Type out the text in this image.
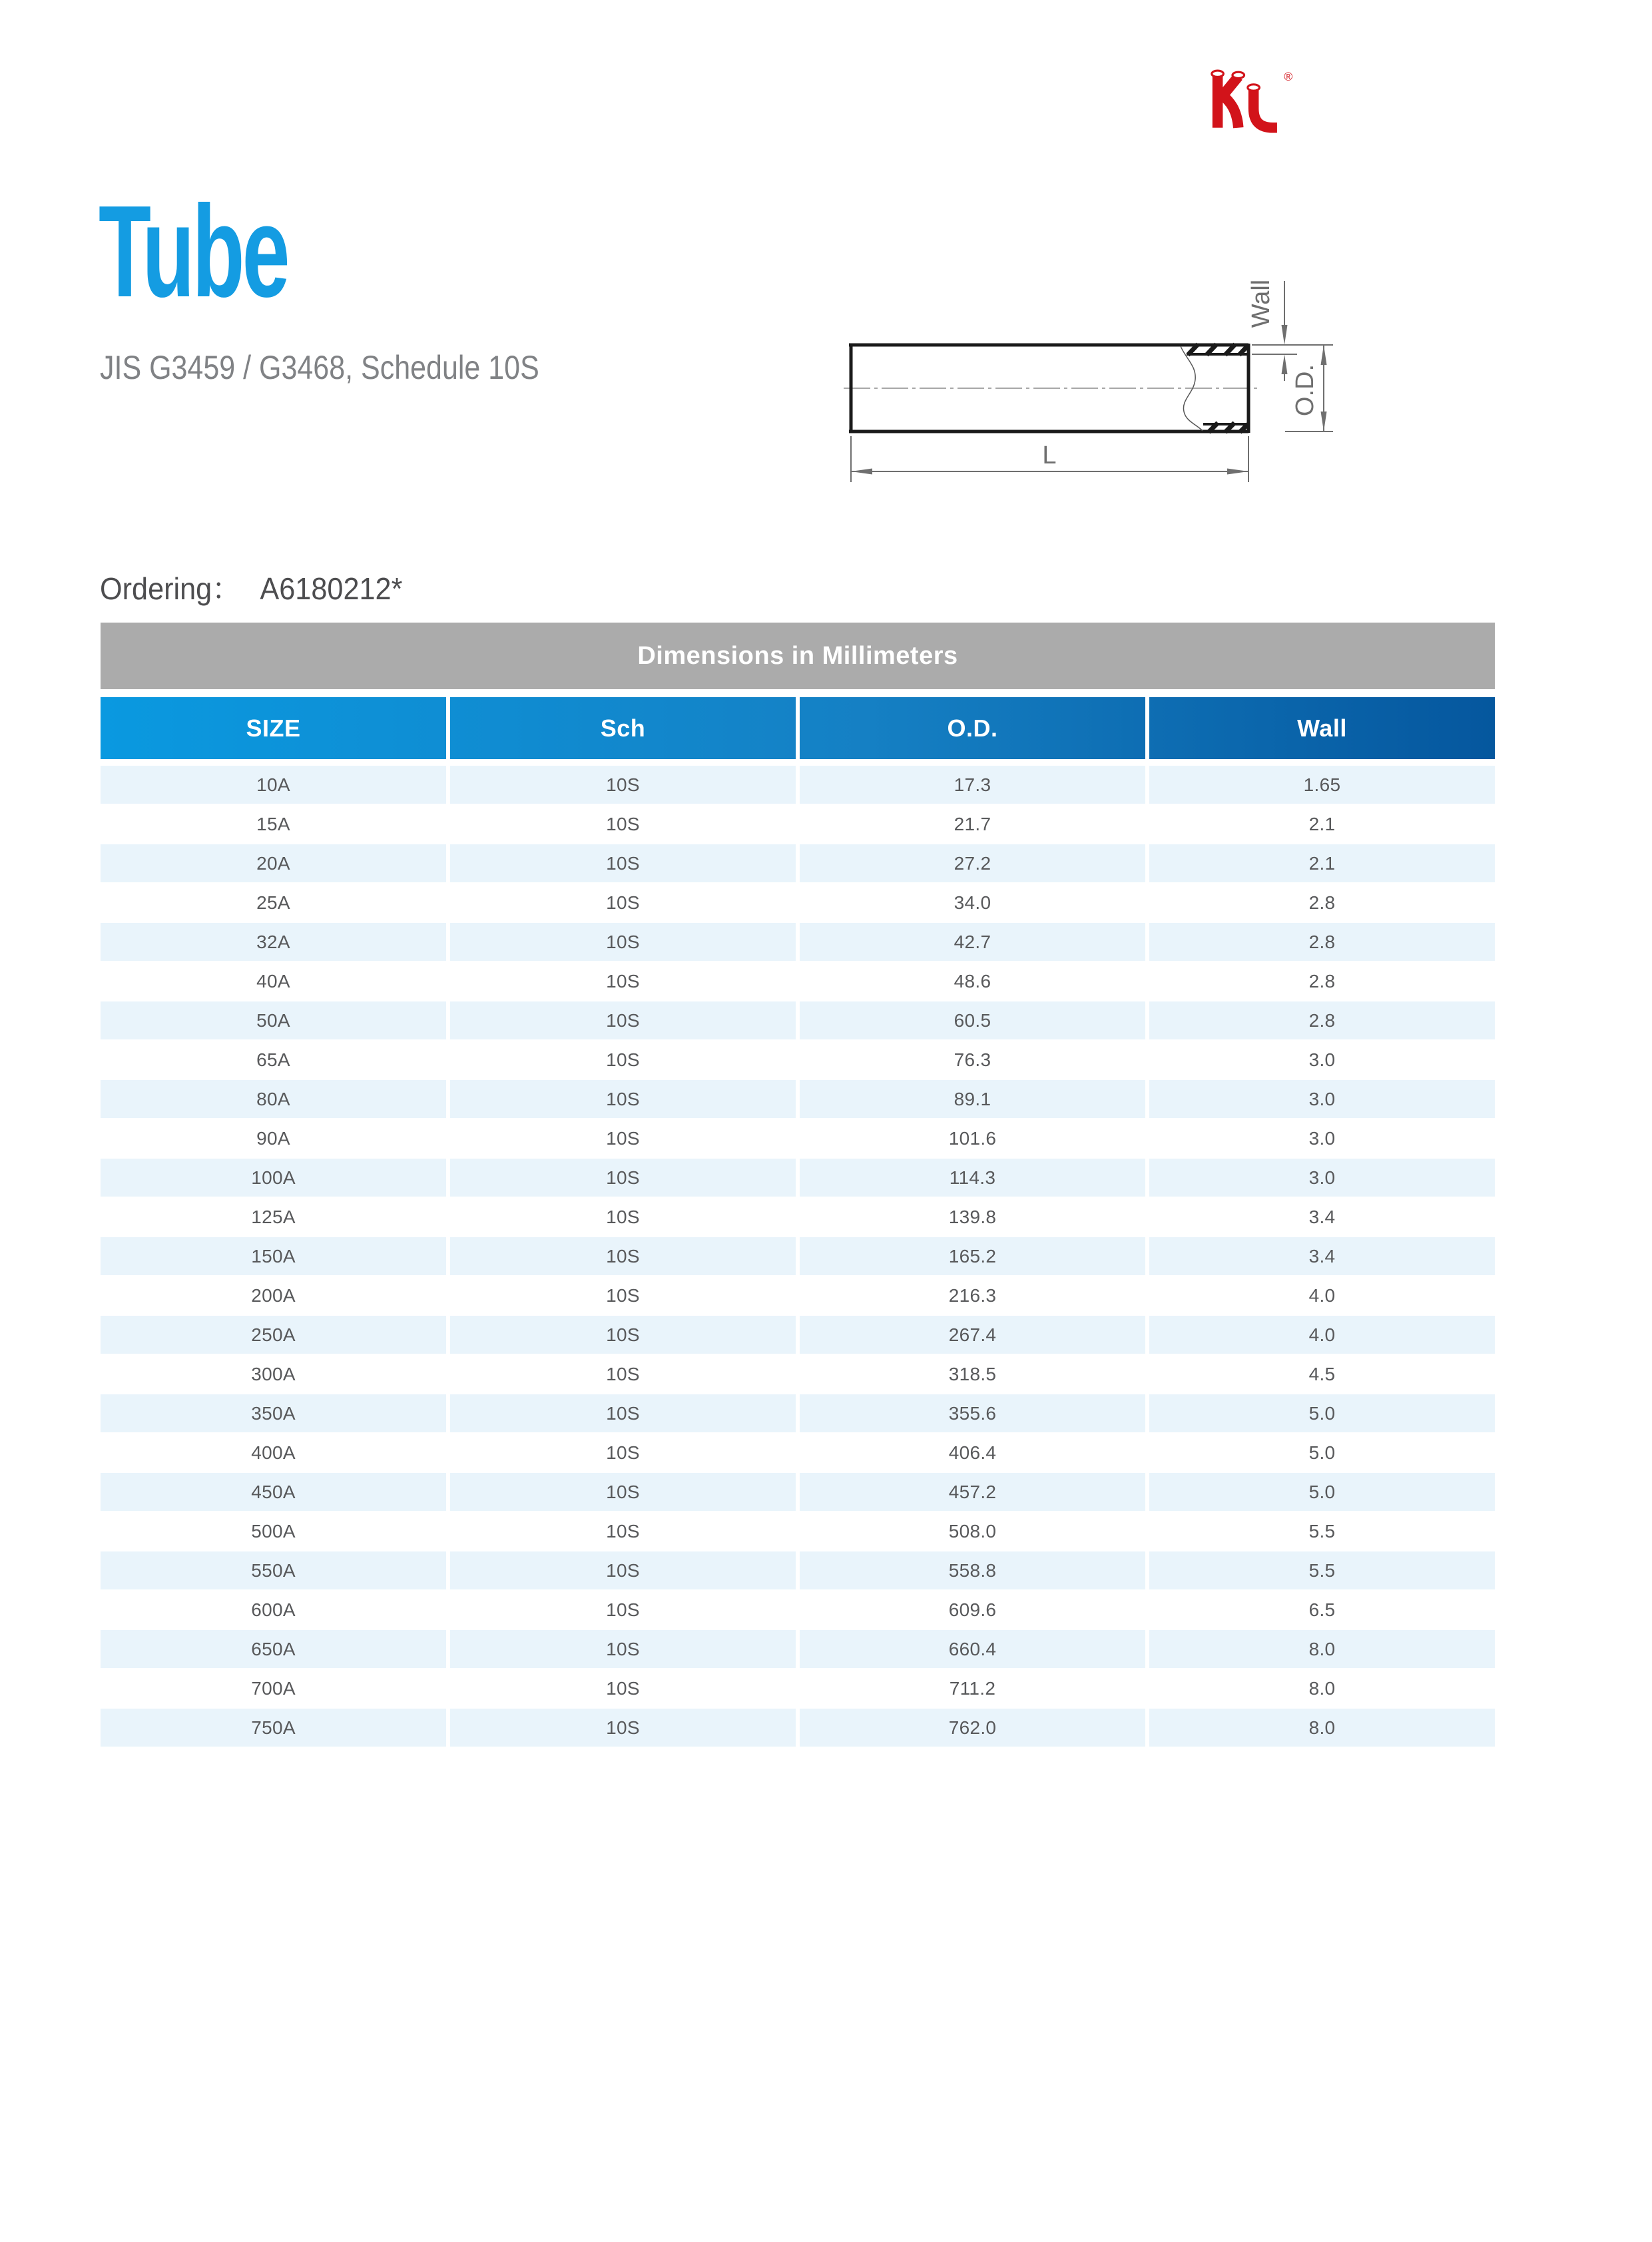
®
Tube
JIS G3459 / G3468, Schedule 10S
Wall
O.D.
L
Ordering： A6180212*
Dimensions in Millimeters
SIZE	Sch	O.D.	Wall
10A	10S	17.3	1.65
15A	10S	21.7	2.1
20A	10S	27.2	2.1
25A	10S	34.0	2.8
32A	10S	42.7	2.8
40A	10S	48.6	2.8
50A	10S	60.5	2.8
65A	10S	76.3	3.0
80A	10S	89.1	3.0
90A	10S	101.6	3.0
100A	10S	114.3	3.0
125A	10S	139.8	3.4
150A	10S	165.2	3.4
200A	10S	216.3	4.0
250A	10S	267.4	4.0
300A	10S	318.5	4.5
350A	10S	355.6	5.0
400A	10S	406.4	5.0
450A	10S	457.2	5.0
500A	10S	508.0	5.5
550A	10S	558.8	5.5
600A	10S	609.6	6.5
650A	10S	660.4	8.0
700A	10S	711.2	8.0
750A	10S	762.0	8.0
